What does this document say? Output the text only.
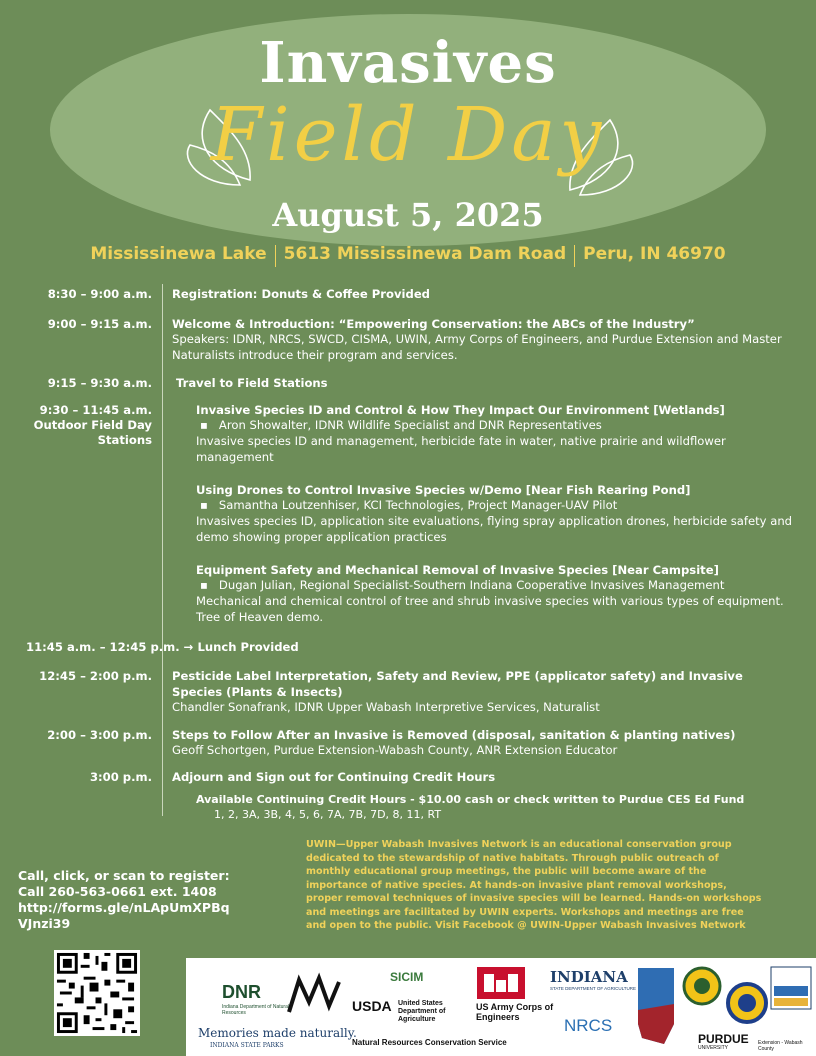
Invasives
Field Day
August 5, 2025
Mississinewa Lake	5613 Mississinewa Dam Road	Peru, IN 46970
8:30 – 9:00 a.m. Registration: Donuts & Coffee Provided
9:00 – 9:15 a.m. Welcome & Introduction: “Empowering Conservation: the ABCs of the Industry”
Speakers: IDNR, NRCS, SWCD, CISMA, UWIN, Army Corps of Engineers, and Purdue Extension and Master Naturalists introduce their program and services.
9:15 – 9:30 a.m. Travel to Field Stations
9:30 – 11:45 a.m.
Outdoor Field Day
Stations
Invasive Species ID and Control & How They Impact Our Environment [Wetlands]
▪   Aron Showalter, IDNR Wildlife Specialist and DNR Representatives
Invasive species ID and management, herbicide fate in water, native prairie and wildflower management
Using Drones to Control Invasive Species w/Demo [Near Fish Rearing Pond]
▪   Samantha Loutzenhiser, KCI Technologies, Project Manager-UAV Pilot
Invasives species ID, application site evaluations, flying spray application drones, herbicide safety and demo showing proper application practices
Equipment Safety and Mechanical Removal of Invasive Species [Near Campsite]
▪   Dugan Julian, Regional Specialist-Southern Indiana Cooperative Invasives Management
Mechanical and chemical control of tree and shrub invasive species with various types of equipment. Tree of Heaven demo.
11:45 a.m. – 12:45 p.m. → Lunch Provided
12:45 – 2:00 p.m. Pesticide Label Interpretation, Safety and Review, PPE (applicator safety) and Invasive Species (Plants & Insects)
Chandler Sonafrank, IDNR Upper Wabash Interpretive Services, Naturalist
2:00 – 3:00 p.m. Steps to Follow After an Invasive is Removed (disposal, sanitation & planting natives)
Geoff Schortgen, Purdue Extension-Wabash County, ANR Extension Educator
3:00 p.m. Adjourn and Sign out for Continuing Credit Hours
Available Continuing Credit Hours - $10.00 cash or check written to Purdue CES Ed Fund
1, 2, 3A, 3B, 4, 5, 6, 7A, 7B, 7D, 8, 11, RT
Call, click, or scan to register:
Call 260-563-0661 ext. 1408
http://forms.gle/nLApUmXPBq
VJnzi39
UWIN—Upper Wabash Invasives Network is an educational conservation group dedicated to the stewardship of native habitats. Through public outreach of monthly educational group meetings, the public will become aware of the importance of native species. At hands-on invasive plant removal workshops, proper removal techniques of invasive species will be learned. Hands-on workshops and meetings are facilitated by UWIN experts. Workshops and meetings are free and open to the public. Visit Facebook @ UWIN-Upper Wabash Invasives Network
DNR
Indiana Department of Natural Resources
Memories made naturally.
INDIANA STATE PARKS
USDA United States Department of Agriculture
Natural Resources Conservation Service
SICIM
US Army Corps of Engineers
INDIANA
STATE DEPARTMENT OF AGRICULTURE
NRCS
PURDUE
UNIVERSITY
Extension - Wabash County
